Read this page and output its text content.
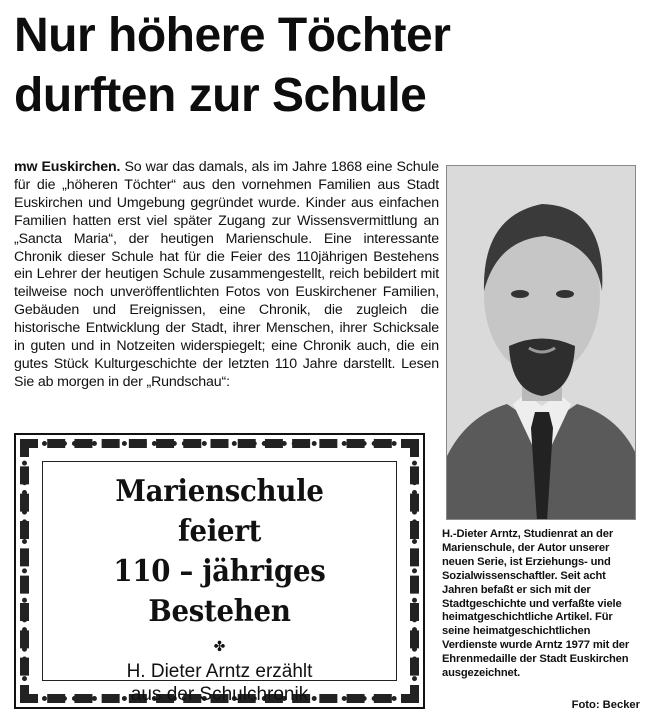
Nur höhere Töchter
durften zur Schule

mw Euskirchen. So war das damals, als im Jahre 1868 eine Schule für die „höheren Töchter“ aus den vornehmen Familien aus Stadt Euskirchen und Umgebung gegründet wurde. Kinder aus einfachen Familien hatten erst viel später Zugang zur Wissensvermittlung an „Sancta Maria“, der heutigen Marienschule. Eine interessante Chronik dieser Schule hat für die Feier des 110jährigen Bestehens ein Lehrer der heutigen Schule zusammengestellt, reich bebildert mit teilweise noch unveröffentlichten Fotos von Euskirchener Familien, Gebäuden und Ereignissen, eine Chronik, die zugleich die historische Entwicklung der Stadt, ihrer Menschen, ihrer Schicksale in guten und in Notzeiten widerspiegelt; eine Chronik auch, die ein gutes Stück Kulturgeschichte der letzten 110 Jahre darstellt. Lesen Sie ab morgen in der „Rundschau“:

Marienschule
feiert
110 – jähriges Bestehen
✤
H. Dieter Arntz erzählt
aus der Schulchronik
H.-Dieter Arntz, Studienrat an der Marienschule, der Autor unserer neuen Serie, ist Erziehungs- und Sozialwissenschaftler. Seit acht Jahren befaßt er sich mit der Stadtgeschichte und verfaßte viele heimatgeschichtliche Artikel. Für seine heimatgeschichtlichen Verdienste wurde Arntz 1977 mit der Ehrenmedaille der Stadt Euskirchen ausgezeichnet.
Foto: Becker
